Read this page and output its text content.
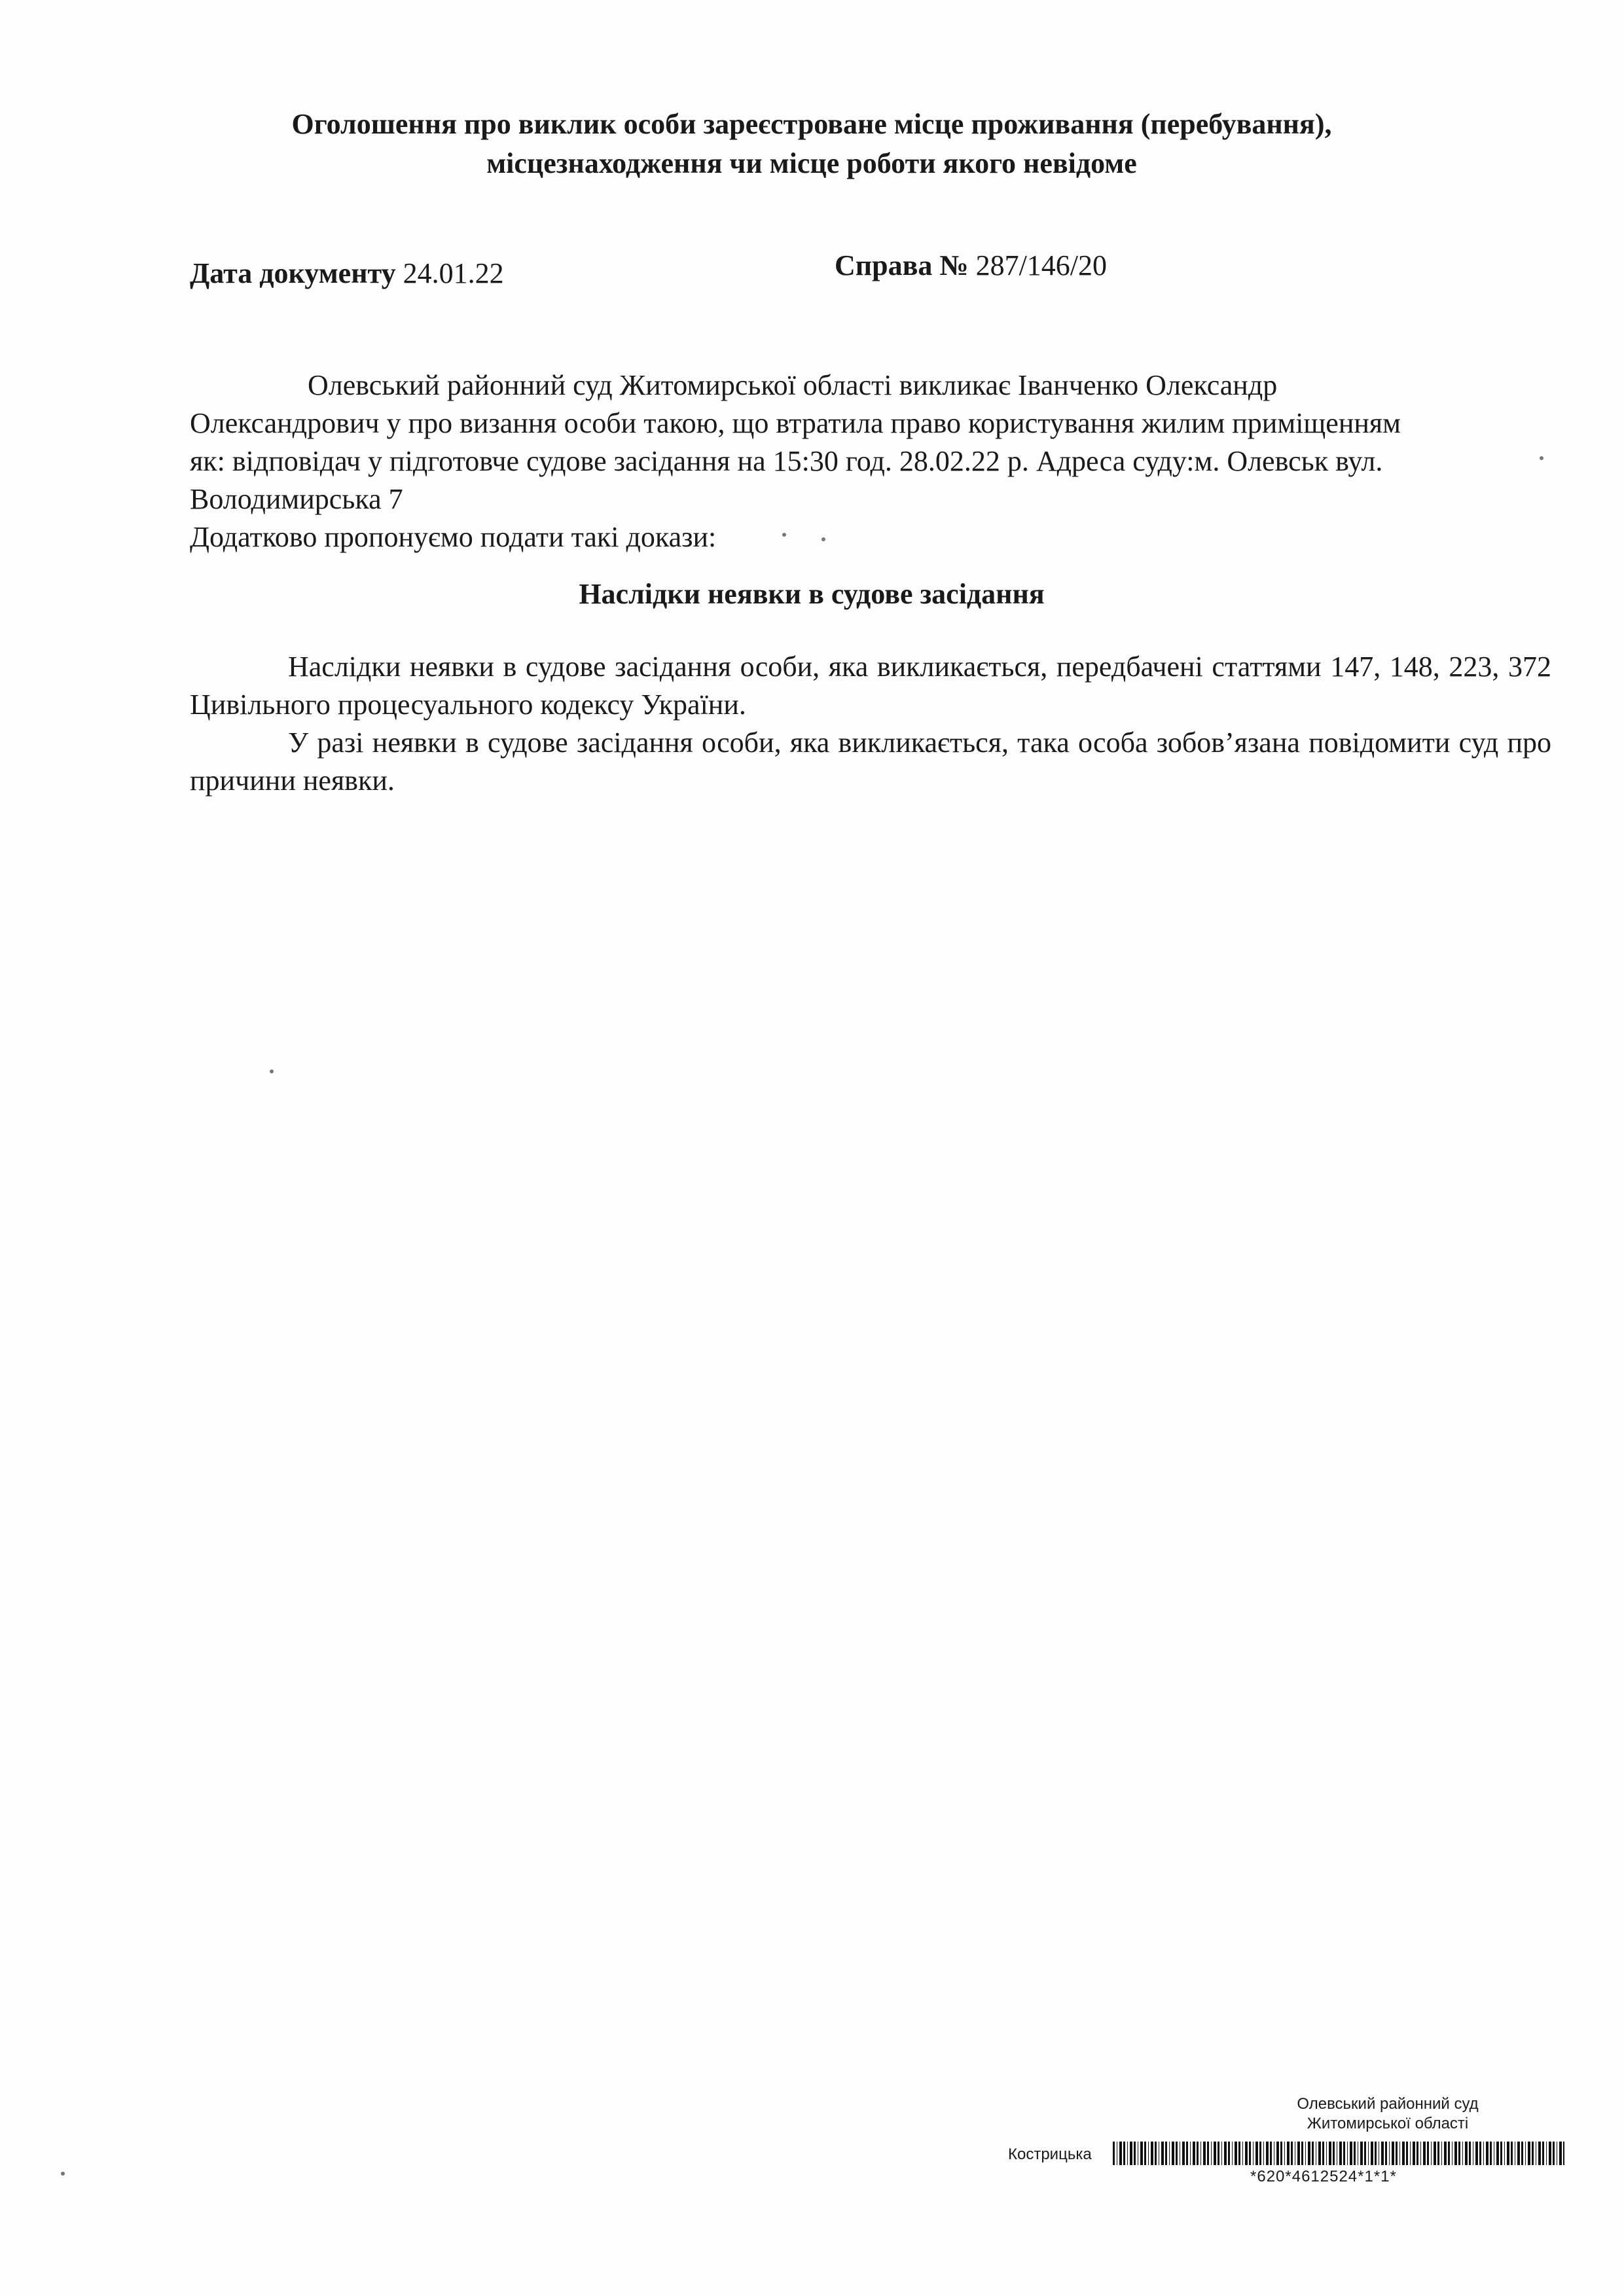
Оголошення про виклик особи зареєстроване місце проживання (перебування),
місцезнаходження чи місце роботи якого невідоме
Дата документу 24.01.22	Справа № 287/146/20

Олевський районний суд Житомирської області викликає Іванченко Олександр

Олександрович у про визання особи такою, що втратила право користування жилим приміщенням

як: відповідач у підготовче судове засідання на 15:30 год. 28.02.22 р. Адреса суду:м. Олевськ вул.

Володимирська 7

Додатково пропонуємо подати такі докази:

Наслідки неявки в судове засідання

Наслідки неявки в судове засідання особи, яка викликається, передбачені статтями 147, 148, 223, 372 Цивільного процесуального кодексу України.

У разі неявки в судове засідання особи, яка викликається, така особа зобов’язана повідомити суд про причини неявки.

Олевський районний суд
Житомирської області
Кострицька
*620*4612524*1*1*
